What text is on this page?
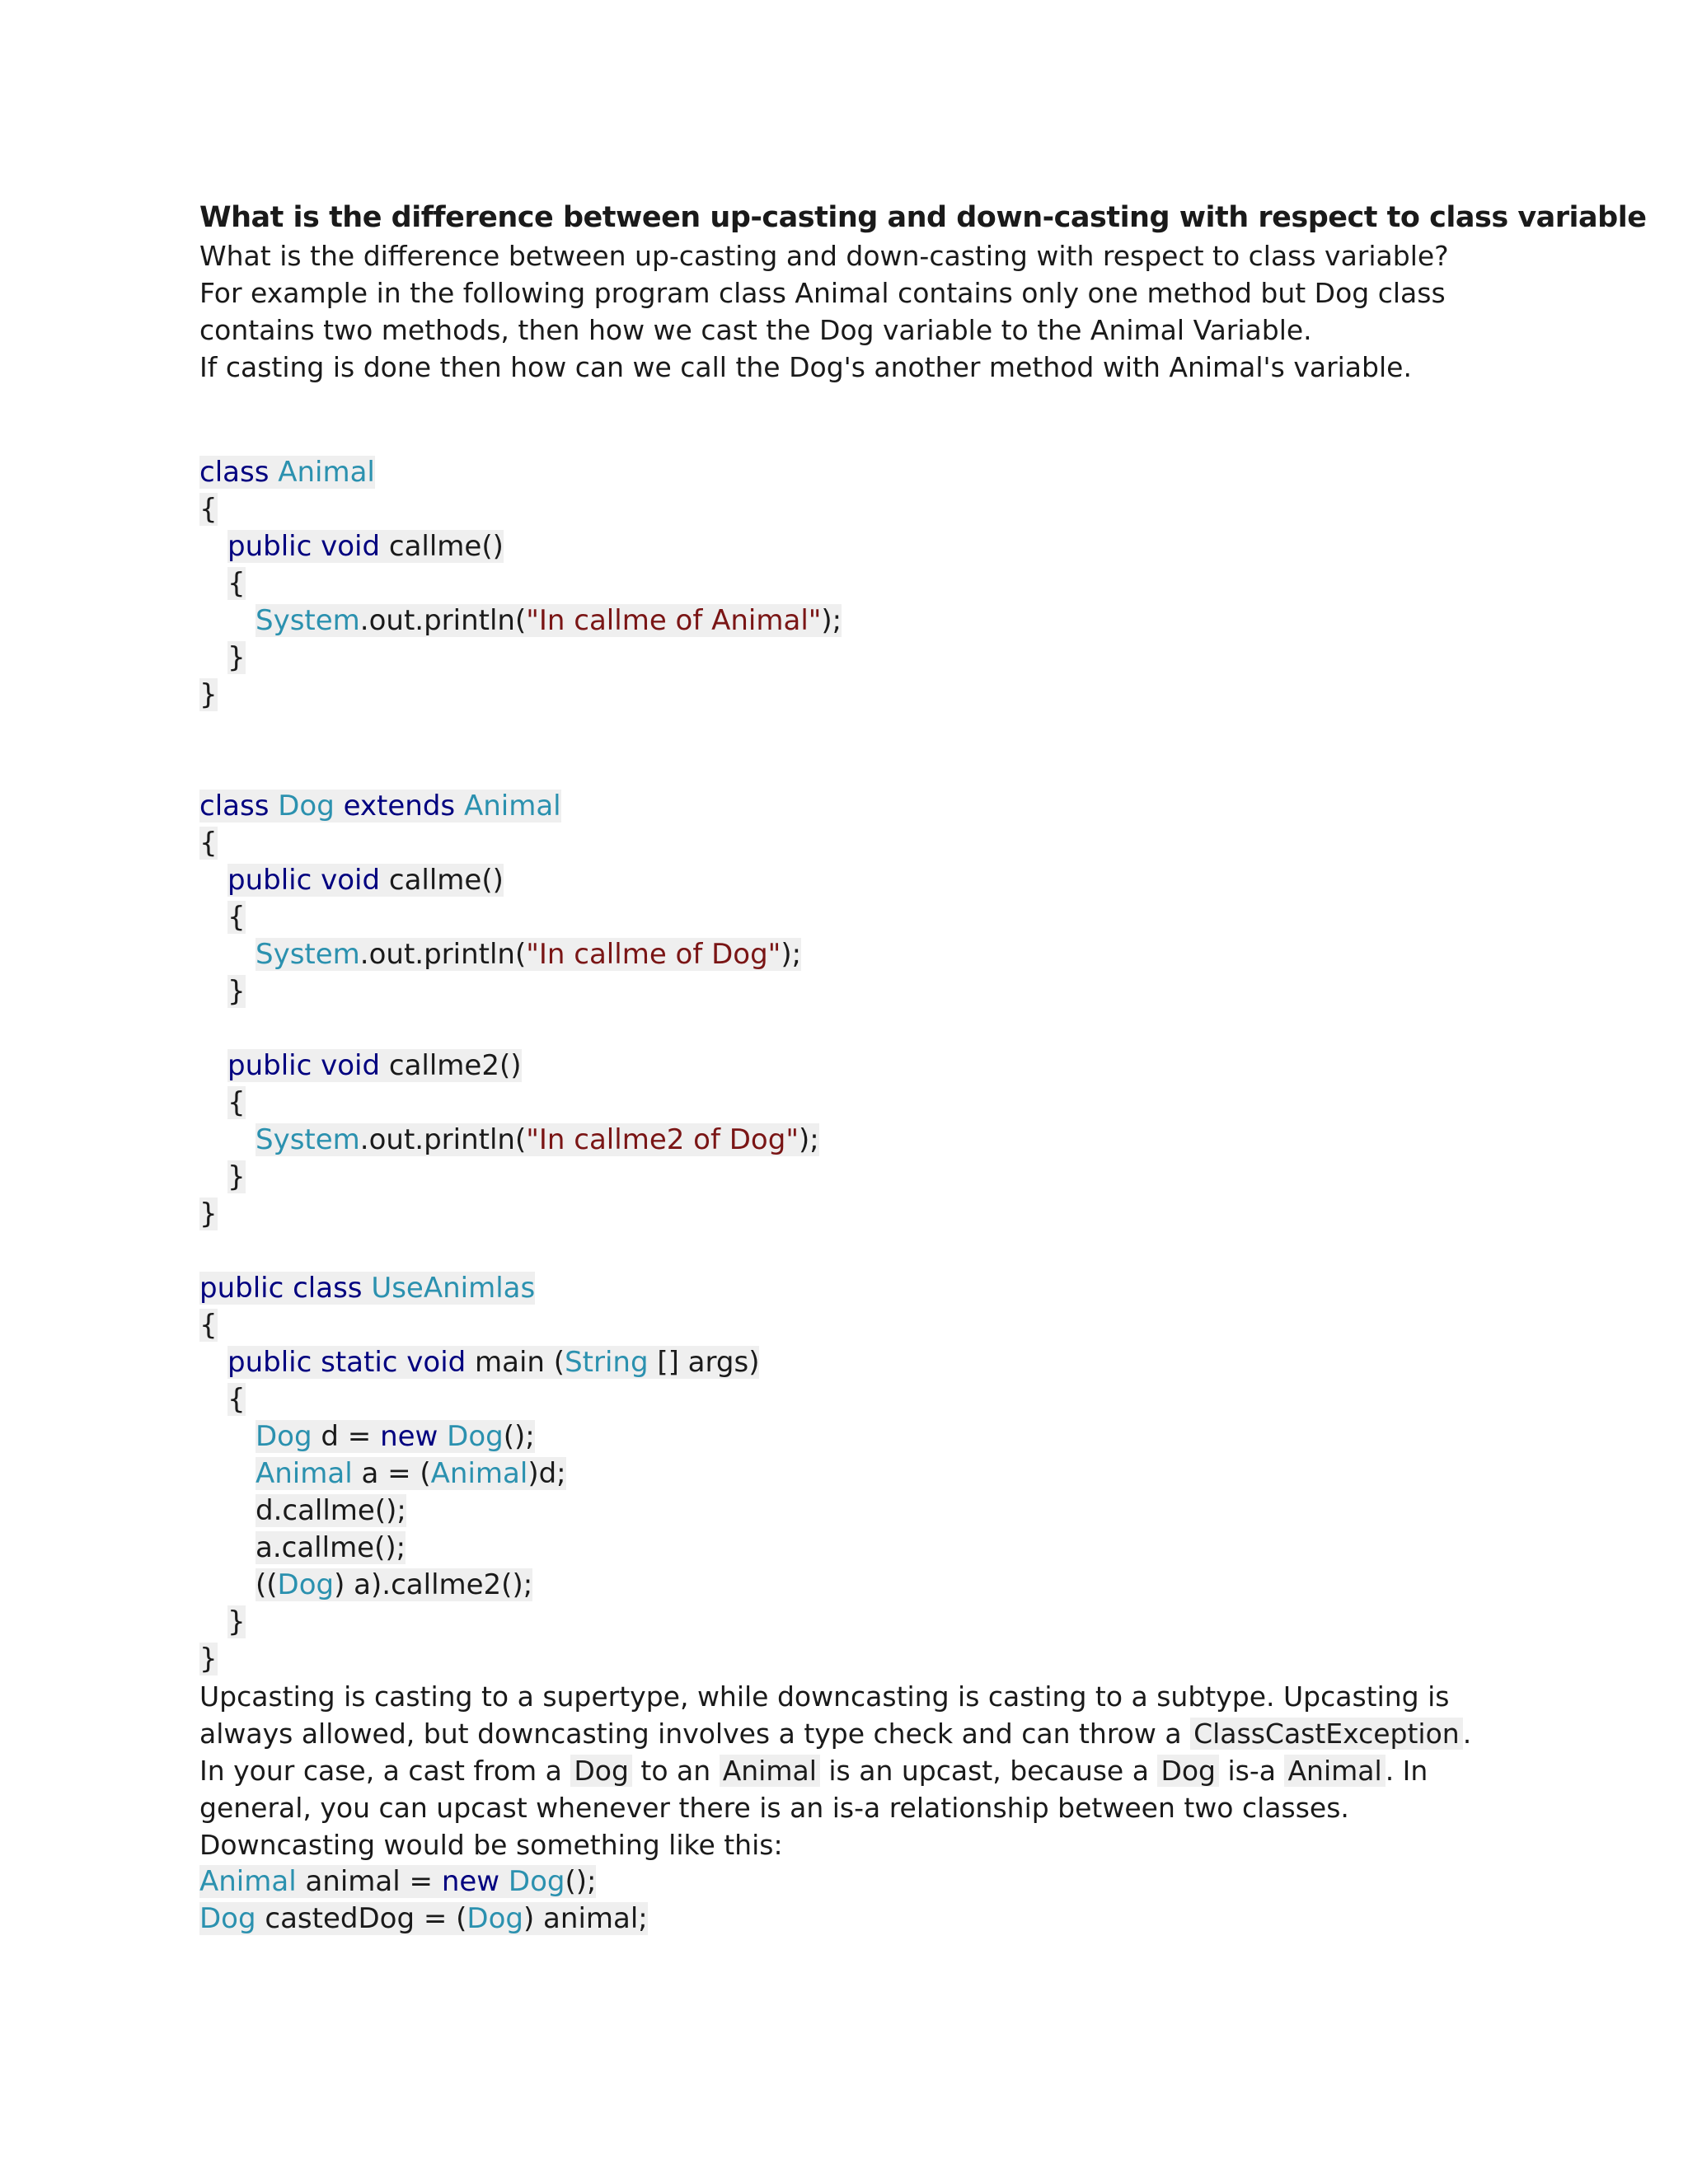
What is the difference between up-casting and down-casting with respect to class variable

What is the difference between up-casting and down-casting with respect to class variable?

For example in the following program class Animal contains only one method but Dog class contains two methods, then how we cast the Dog variable to the Animal Variable.

If casting is done then how can we call the Dog's another method with Animal's variable.

class Animal
{
public void callme()
{
System.out.println("In callme of Animal");
}
}
class Dog extends Animal
{
public void callme()
{
System.out.println("In callme of Dog");
}

public void callme2()
{
System.out.println("In callme2 of Dog");
}
}
public class UseAnimlas
{
public static void main (String [] args)
{
Dog d = new Dog();
Animal a = (Animal)d;
d.callme();
a.callme();
((Dog) a).callme2();
}
}

Upcasting is casting to a supertype, while downcasting is casting to a subtype. Upcasting is always allowed, but downcasting involves a type check and can throw a ClassCastException .

In your case, a cast from a Dog to an Animal is an upcast, because a Dog is-a Animal . In general, you can upcast whenever there is an is-a relationship between two classes.

Downcasting would be something like this:

Animal animal = new Dog();
Dog castedDog = (Dog) animal;
